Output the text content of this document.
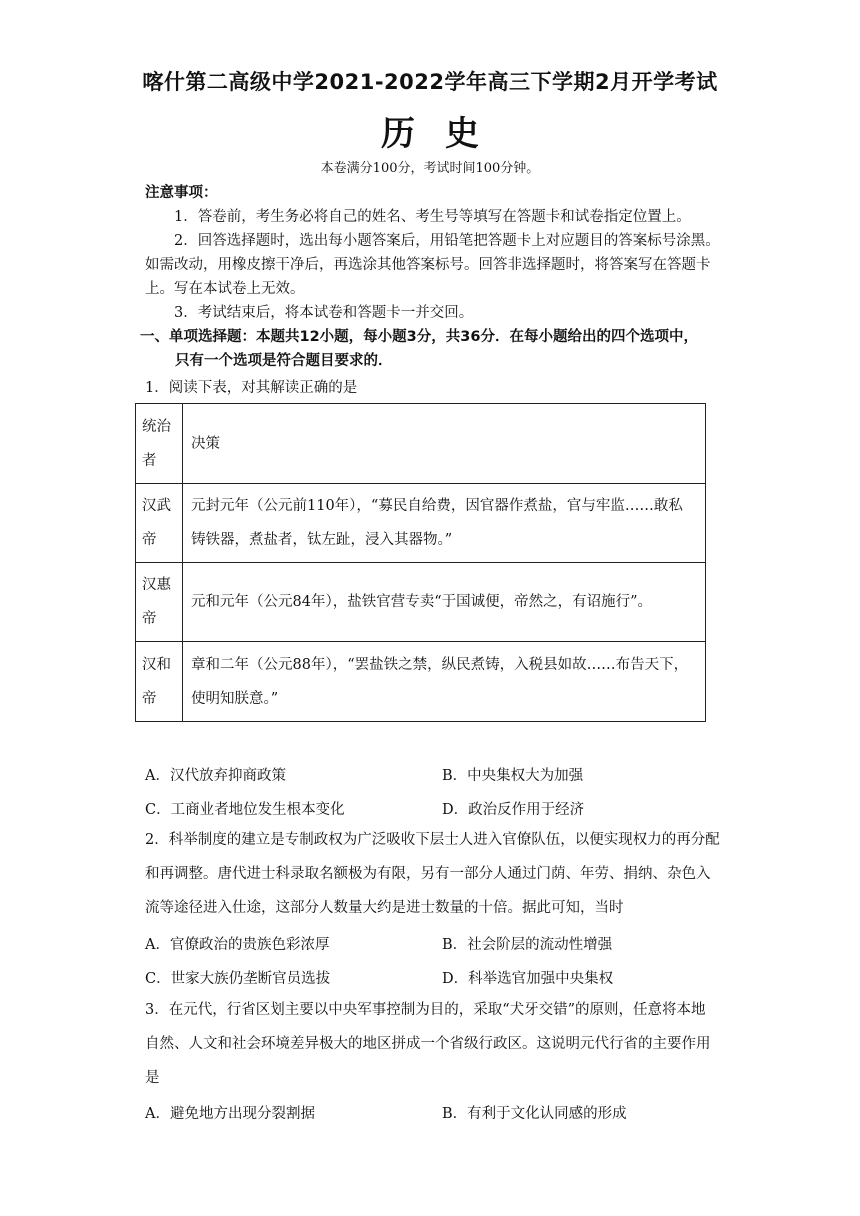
喀什第二高级中学2021-2022学年高三下学期2月开学考试
历史
本卷满分100分，考试时间100分钟。

注意事项：

1．答卷前，考生务必将自己的姓名、考生号等填写在答题卡和试卷指定位置上。

2．回答选择题时，选出每小题答案后，用铅笔把答题卡上对应题目的答案标号涂黑。如需改动，用橡皮擦干净后，再选涂其他答案标号。回答非选择题时，将答案写在答题卡上。写在本试卷上无效。

3．考试结束后，将本试卷和答题卡一并交回。

一、单项选择题：本题共12小题，每小题3分，共36分．在每小题给出的四个选项中，

只有一个选项是符合题目要求的．

1．阅读下表，对其解读正确的是

统治者	决策
汉武帝	元封元年（公元前110年），“募民自给费，因官器作煮盐，官与牢监……敢私铸铁器，煮盐者，钛左趾，浸入其器物。”
汉惠帝	元和元年（公元84年），盐铁官营专卖“于国诚便，帝然之，有诏施行”。
汉和帝	章和二年（公元88年），“罢盐铁之禁，纵民煮铸，入税县如故……布告天下，使明知朕意。”
A．汉代放弃抑商政策	B．中央集权大为加强
C．工商业者地位发生根本变化	D．政治反作用于经济

2．科举制度的建立是专制政权为广泛吸收下层士人进入官僚队伍，以便实现权力的再分配和再调整。唐代进士科录取名额极为有限，另有一部分人通过门荫、年劳、捐纳、杂色入流等途径进入仕途，这部分人数量大约是进士数量的十倍。据此可知，当时

A．官僚政治的贵族色彩浓厚	B．社会阶层的流动性增强
C．世家大族仍垄断官员选拔	D．科举选官加强中央集权

3．在元代，行省区划主要以中央军事控制为目的，采取“犬牙交错”的原则，任意将本地自然、人文和社会环境差异极大的地区拼成一个省级行政区。这说明元代行省的主要作用是

A．避免地方出现分裂割据	B．有利于文化认同感的形成
